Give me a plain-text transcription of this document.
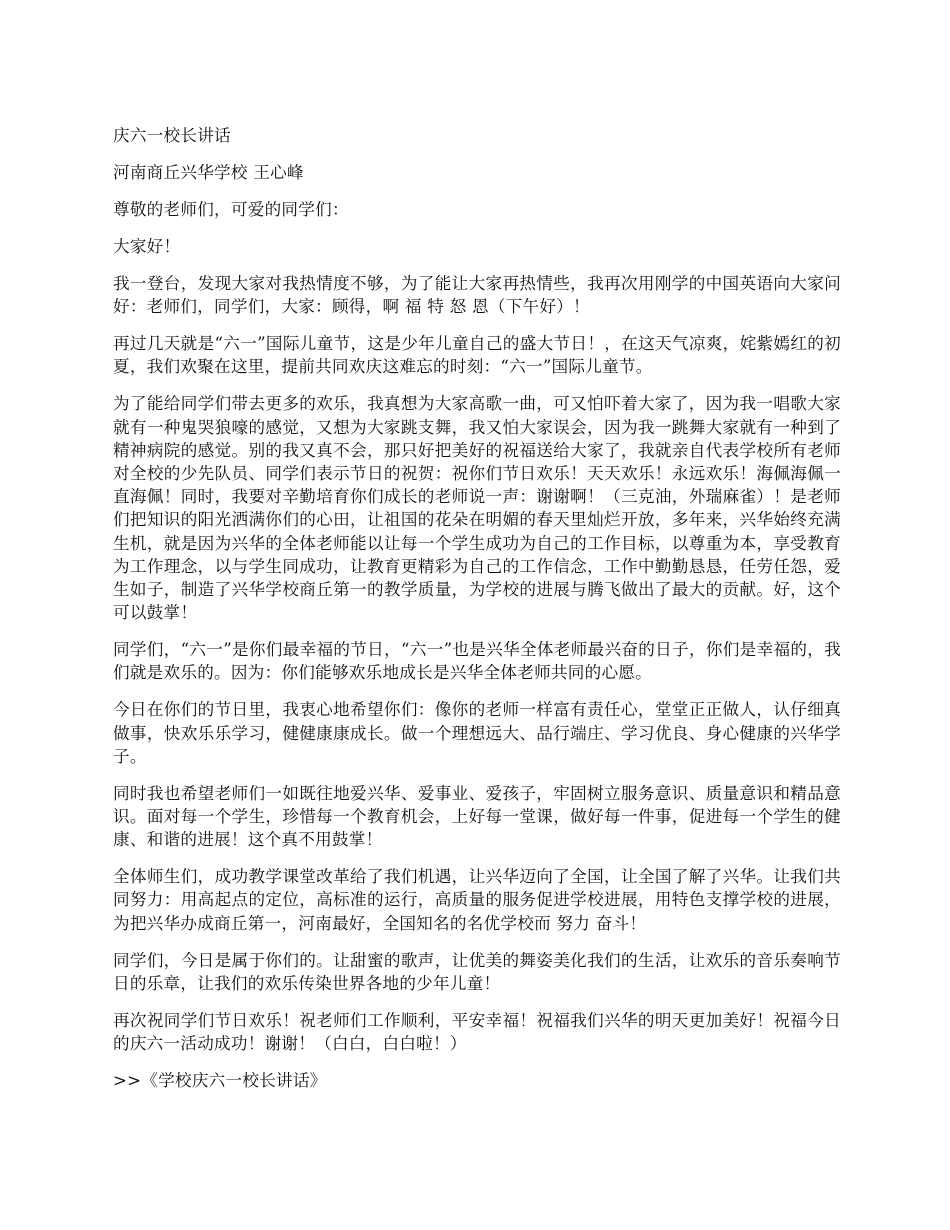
庆六一校长讲话

河南商丘兴华学校 王心峰

尊敬的老师们，可爱的同学们：

大家好！

我一登台，发现大家对我热情度不够，为了能让大家再热情些，我再次用刚学的中国英语向大家问好：老师们，同学们，大家：顾得，啊 福 特 怒 恩（下午好）！

再过几天就是“六一”国际儿童节，这是少年儿童自己的盛大节日！，在这天气凉爽，姹紫嫣红的初夏，我们欢聚在这里，提前共同欢庆这难忘的时刻：“六一”国际儿童节。

为了能给同学们带去更多的欢乐，我真想为大家高歌一曲，可又怕吓着大家了，因为我一唱歌大家就有一种鬼哭狼嚎的感觉，又想为大家跳支舞，我又怕大家误会，因为我一跳舞大家就有一种到了精神病院的感觉。别的我又真不会，那只好把美好的祝福送给大家了，我就亲自代表学校所有老师对全校的少先队员、同学们表示节日的祝贺：祝你们节日欢乐！天天欢乐！永远欢乐！海佩海佩一直海佩！同时，我要对辛勤培育你们成长的老师说一声：谢谢啊！（三克油，外瑞麻雀）！是老师们把知识的阳光洒满你们的心田，让祖国的花朵在明媚的春天里灿烂开放，多年来，兴华始终充满生机，就是因为兴华的全体老师能以让每一个学生成功为自己的工作目标，以尊重为本，享受教育为工作理念，以与学生同成功，让教育更精彩为自己的工作信念，工作中勤勤恳恳，任劳任怨，爱生如子，制造了兴华学校商丘第一的教学质量，为学校的进展与腾飞做出了最大的贡献。好，这个可以鼓掌！

同学们，“六一”是你们最幸福的节日，“六一”也是兴华全体老师最兴奋的日子，你们是幸福的，我们就是欢乐的。因为：你们能够欢乐地成长是兴华全体老师共同的心愿。

今日在你们的节日里，我衷心地希望你们：像你的老师一样富有责任心，堂堂正正做人，认仔细真做事，快欢乐乐学习，健健康康成长。做一个理想远大、品行端庄、学习优良、身心健康的兴华学子。

同时我也希望老师们一如既往地爱兴华、爱事业、爱孩子，牢固树立服务意识、质量意识和精品意识。面对每一个学生，珍惜每一个教育机会，上好每一堂课，做好每一件事，促进每一个学生的健康、和谐的进展！这个真不用鼓掌！

全体师生们，成功教学课堂改革给了我们机遇，让兴华迈向了全国，让全国了解了兴华。让我们共同努力：用高起点的定位，高标准的运行，高质量的服务促进学校进展，用特色支撑学校的进展，为把兴华办成商丘第一，河南最好，全国知名的名优学校而 努力 奋斗！

同学们，今日是属于你们的。让甜蜜的歌声，让优美的舞姿美化我们的生活，让欢乐的音乐奏响节日的乐章，让我们的欢乐传染世界各地的少年儿童！

再次祝同学们节日欢乐！祝老师们工作顺利，平安幸福！祝福我们兴华的明天更加美好！祝福今日的庆六一活动成功！谢谢！（白白，白白啦！）

>>《学校庆六一校长讲话》
